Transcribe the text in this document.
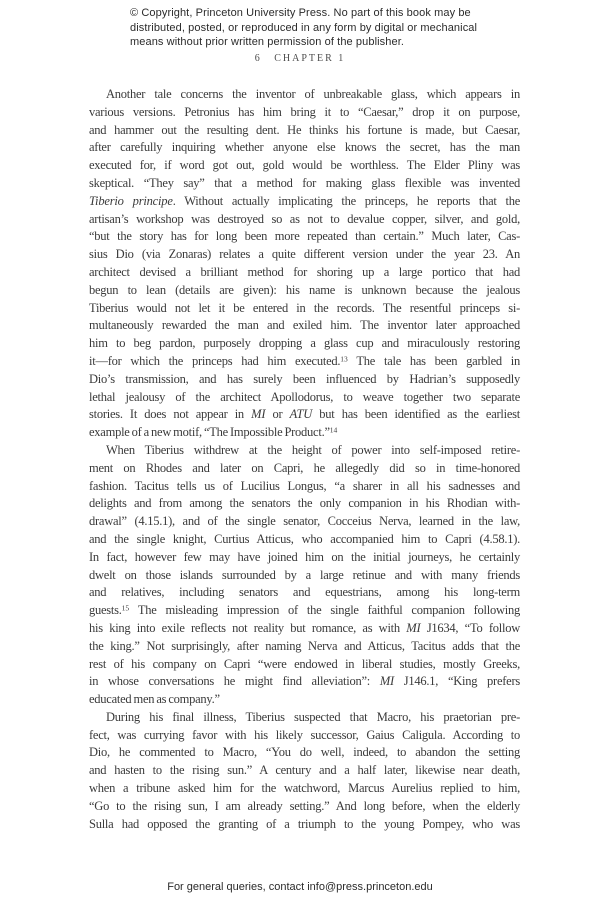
© Copyright, Princeton University Press. No part of this book may be
distributed, posted, or reproduced in any form by digital or mechanical
means without prior written permission of the publisher.
6 CHAPTER 1
Another tale concerns the inventor of unbreakable glass, which appears in
various versions. Petronius has him bring it to “Caesar,” drop it on purpose,
and hammer out the resulting dent. He thinks his fortune is made, but Caesar,
after carefully inquiring whether anyone else knows the secret, has the man
executed for, if word got out, gold would be worthless. The Elder Pliny was
skeptical. “They say” that a method for making glass flexible was invented
Tiberio principe. Without actually implicating the princeps, he reports that the
artisan’s workshop was destroyed so as not to devalue copper, silver, and gold,
“but the story has for long been more repeated than certain.” Much later, Cas-
sius Dio (via Zonaras) relates a quite different version under the year 23. An
architect devised a brilliant method for shoring up a large portico that had
begun to lean (details are given): his name is unknown because the jealous
Tiberius would not let it be entered in the records. The resentful princeps si-
multaneously rewarded the man and exiled him. The inventor later approached
him to beg pardon, purposely dropping a glass cup and miraculously restoring
it—for which the princeps had him executed.$^{13}$ The tale has been garbled in
Dio’s transmission, and has surely been influenced by Hadrian’s supposedly
lethal jealousy of the architect Apollodorus, to weave together two separate
stories. It does not appear in MI or ATU but has been identified as the earliest
example of a new motif, “The Impossible Product.”$^{14}$
When Tiberius withdrew at the height of power into self-imposed retire-
ment on Rhodes and later on Capri, he allegedly did so in time-honored
fashion. Tacitus tells us of Lucilius Longus, “a sharer in all his sadnesses and
delights and from among the senators the only companion in his Rhodian with-
drawal” (4.15.1), and of the single senator, Cocceius Nerva, learned in the law,
and the single knight, Curtius Atticus, who accompanied him to Capri (4.58.1).
In fact, however few may have joined him on the initial journeys, he certainly
dwelt on those islands surrounded by a large retinue and with many friends
and relatives, including senators and equestrians, among his long-term
guests.$^{15}$ The misleading impression of the single faithful companion following
his king into exile reflects not reality but romance, as with MI J1634, “To follow
the king.” Not surprisingly, after naming Nerva and Atticus, Tacitus adds that the
rest of his company on Capri “were endowed in liberal studies, mostly Greeks,
in whose conversations he might find alleviation”: MI J146.1, “King prefers
educated men as company.”
During his final illness, Tiberius suspected that Macro, his praetorian pre-
fect, was currying favor with his likely successor, Gaius Caligula. According to
Dio, he commented to Macro, “You do well, indeed, to abandon the setting
and hasten to the rising sun.” A century and a half later, likewise near death,
when a tribune asked him for the watchword, Marcus Aurelius replied to him,
“Go to the rising sun, I am already setting.” And long before, when the elderly
Sulla had opposed the granting of a triumph to the young Pompey, who was
For general queries, contact info@press.princeton.edu
